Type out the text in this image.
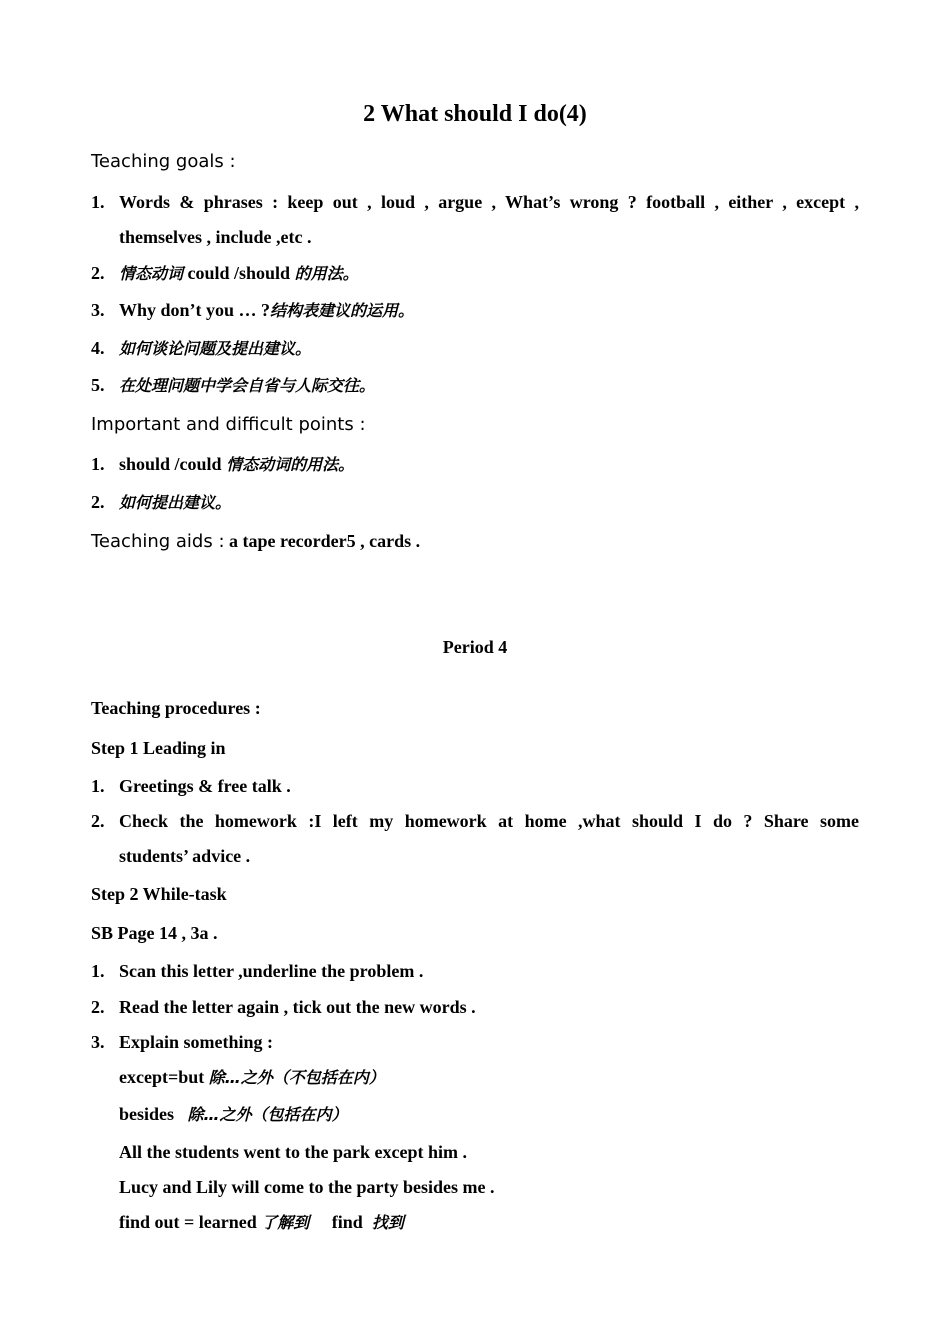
2 What should I do(4)
Teaching goals :
1. Words & phrases : keep out , loud , argue , What’s wrong ? football , either , except ,
themselves , include ,etc .
2. 情态动词 could /should 的用法。
3. Why don’t you … ?结构表建议的运用。
4. 如何谈论问题及提出建议。
5. 在处理问题中学会自省与人际交往。
Important and difficult points :
1. should /could 情态动词的用法。
2. 如何提出建议。
Teaching aids : a tape recorder5 , cards .
Period 4
Teaching procedures :
Step 1 Leading in
1. Greetings & free talk .
2. Check the homework :I left my homework at home ,what should I do ? Share some
students’ advice .
Step 2 While-task
SB Page 14 , 3a .
1. Scan this letter ,underline the problem .
2. Read the letter again , tick out the new words .
3. Explain something :
except=but 除…之外（不包括在内）
besides   除…之外（包括在内）
All the students went to the park except him .
Lucy and Lily will come to the party besides me .
find out = learned 了解到     find  找到
